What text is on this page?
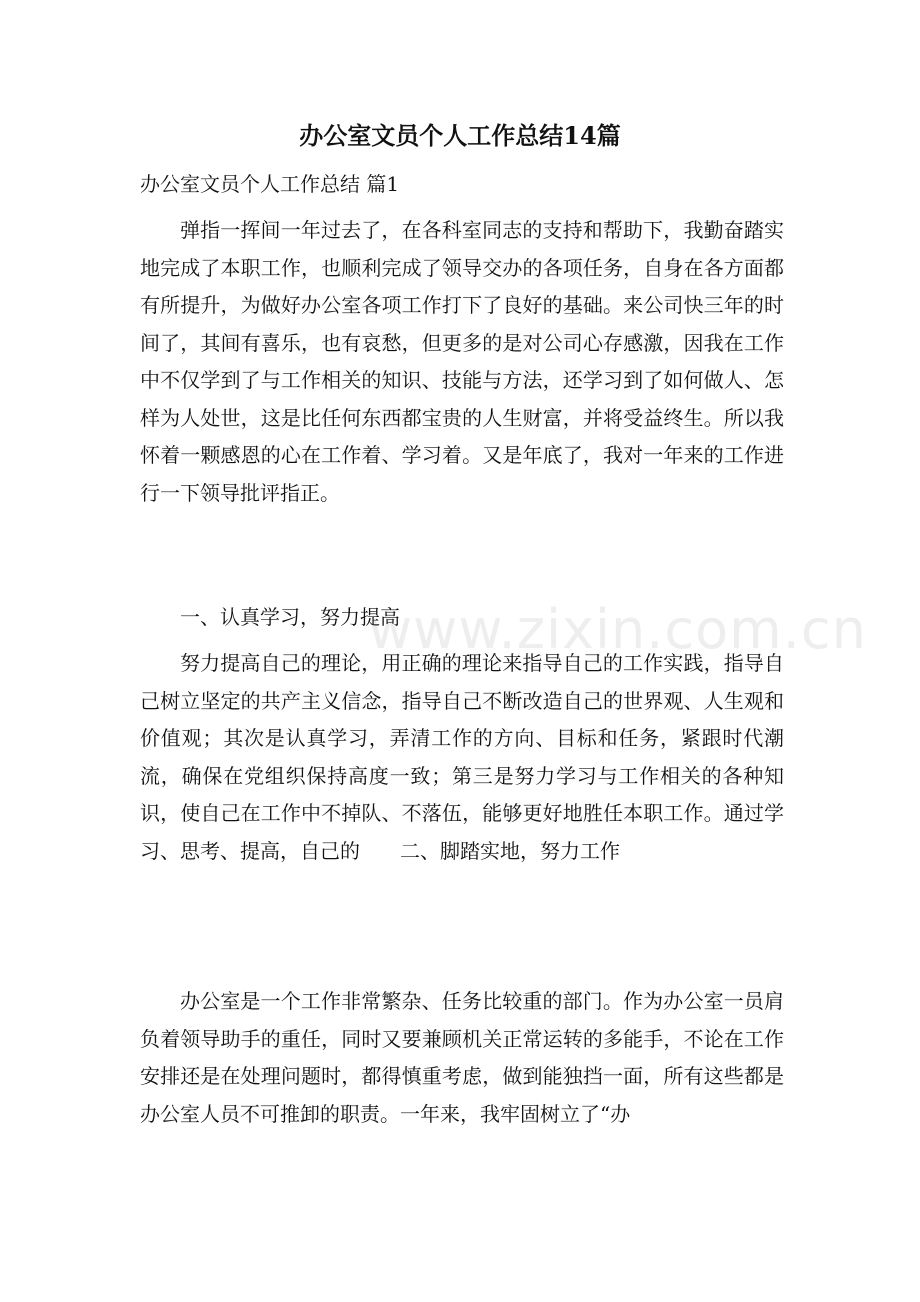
办公室文员个人工作总结14篇
办公室文员个人工作总结 篇1

弹指一挥间一年过去了，在各科室同志的支持和帮助下，我勤奋踏实地完成了本职工作，也顺利完成了领导交办的各项任务，自身在各方面都有所提升，为做好办公室各项工作打下了良好的基础。来公司快三年的时间了，其间有喜乐，也有哀愁，但更多的是对公司心存感激，因我在工作中不仅学到了与工作相关的知识、技能与方法，还学习到了如何做人、怎样为人处世，这是比任何东西都宝贵的人生财富，并将受益终生。所以我怀着一颗感恩的心在工作着、学习着。又是年底了，我对一年来的工作进行一下领导批评指正。

一、认真学习，努力提高

努力提高自己的理论，用正确的理论来指导自己的工作实践，指导自己树立坚定的共产主义信念，指导自己不断改造自己的世界观、人生观和价值观；其次是认真学习，弄清工作的方向、目标和任务，紧跟时代潮流，确保在党组织保持高度一致；第三是努力学习与工作相关的各种知识，使自己在工作中不掉队、不落伍，能够更好地胜任本职工作。通过学习、思考、提高，自己的　　二、脚踏实地，努力工作

办公室是一个工作非常繁杂、任务比较重的部门。作为办公室一员肩负着领导助手的重任，同时又要兼顾机关正常运转的多能手，不论在工作安排还是在处理问题时，都得慎重考虑，做到能独挡一面，所有这些都是办公室人员不可推卸的职责。一年来，我牢固树立了“办

www.zixin.com.cn
